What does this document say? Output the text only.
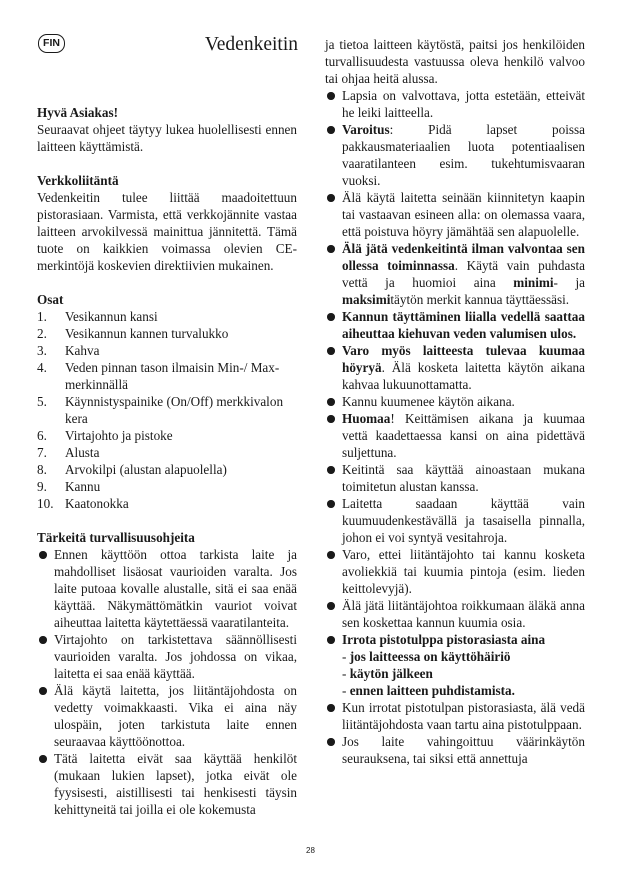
FIN	Vedenkeitin

Hyvä Asiakas!

Seuraavat ohjeet täytyy lukea huolellisesti ennen laitteen käyttämistä.

Verkkoliitäntä

Vedenkeitin tulee liittää maadoitettuun pistorasiaan. Varmista, että verkkojännite vastaa laitteen arvokilvessä mainittua jännitettä. Tämä tuote on kaikkien voimassa olevien CE-merkintöjä koskevien direktiivien mukainen.

Osat

1.	Vesikannun kansi
2.	Vesikannun kannen turvalukko
3.	Kahva
4.	Veden pinnan tason ilmaisin Min-/ Max-merkinnällä
5.	Käynnistyspainike (On/Off) merkkivalon kera
6.	Virtajohto ja pistoke
7.	Alusta
8.	Arvokilpi (alustan alapuolella)
9.	Kannu
10. Kaatonokka

Tärkeitä turvallisuusohjeita

Ennen käyttöön ottoa tarkista laite ja mahdolliset lisäosat vaurioiden varalta. Jos laite putoaa kovalle alustalle, sitä ei saa enää käyttää. Näkymättömätkin vauriot voivat aiheuttaa laitetta käytettäessä vaaratilanteita.
Virtajohto on tarkistettava säännöllisesti vaurioiden varalta. Jos johdossa on vikaa, laitetta ei saa enää käyttää.
Älä käytä laitetta, jos liitäntäjohdosta on vedetty voimakkaasti. Vika ei aina näy ulospäin, joten tarkistuta laite ennen seuraavaa käyttöönottoa.
Tätä laitetta eivät saa käyttää henkilöt (mukaan lukien lapset), jotka eivät ole fyysisesti, aistillisesti tai henkisesti täysin kehittyneitä tai joilla ei ole kokemusta

ja tietoa laitteen käytöstä, paitsi jos henkilöiden turvallisuudesta vastuussa oleva henkilö valvoo tai ohjaa heitä alussa.

Lapsia on valvottava, jotta estetään, etteivät he leiki laitteella.
Varoitus: Pidä lapset poissa pakkausmateriaalien luota potentiaalisen vaaratilanteen esim. tukehtumisvaaran vuoksi.
Älä käytä laitetta seinään kiinnitetyn kaapin tai vastaavan esineen alla: on olemassa vaara, että poistuva höyry jämähtää sen alapuolelle.
Älä jätä vedenkeitintä ilman valvontaa sen ollessa toiminnassa. Käytä vain puhdasta vettä ja huomioi aina minimi- ja maksimitäytön merkit kannua täyttäessäsi.
Kannun täyttäminen liialla vedellä saattaa aiheuttaa kiehuvan veden valumisen ulos.
Varo myös laitteesta tulevaa kuumaa höyryä. Älä kosketa laitetta käytön aikana kahvaa lukuunottamatta.
Kannu kuumenee käytön aikana.
Huomaa! Keittämisen aikana ja kuumaa vettä kaadettaessa kansi on aina pidettävä suljettuna.
Keitintä saa käyttää ainoastaan mukana toimitetun alustan kanssa.
Laitetta saadaan käyttää vain kuumuudenkestävällä ja tasaisella pinnalla, johon ei voi syntyä vesitahroja.
Varo, ettei liitäntäjohto tai kannu kosketa avoliekkiä tai kuumia pintoja (esim. lieden keittolevyjä).
Älä jätä liitäntäjohtoa roikkumaan äläkä anna sen koskettaa kannun kuumia osia.
Irrota pistotulppa pistorasiasta aina
- jos laitteessa on käyttöhäiriö
- käytön jälkeen
- ennen laitteen puhdistamista.
Kun irrotat pistotulpan pistorasiasta, älä vedä liitäntäjohdosta vaan tartu aina pistotulppaan.
Jos laite vahingoittuu väärinkäytön seurauksena, tai siksi että annettuja
28
